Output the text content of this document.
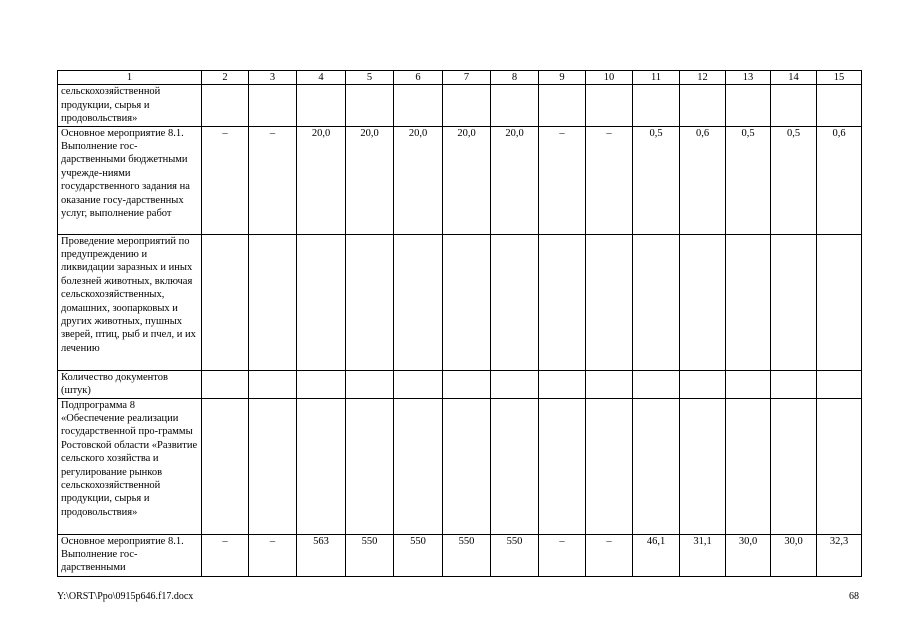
1	2	3	4	5	6	7	8	9	10	11	12	13	14	15
сельскохозяйственной продукции, сырья и продовольствия»														
Основное мероприятие 8.1. Выполнение гос-дарственными бюджетными учрежде-ниями государственного задания на оказание госу-дарственных услуг, выполнение работ	–	–	20,0	20,0	20,0	20,0	20,0	–	–	0,5	0,6	0,5	0,5	0,6
Проведение мероприятий по предупреждению и ликвидации заразных и иных болезней животных, включая сельскохозяйственных, домашних, зоопарковых и других животных, пушных зверей, птиц, рыб и пчел, и их лечению														
Количество документов (штук)														
Подпрограмма 8 «Обеспечение реализации государственной про-граммы Ростовской области «Развитие сельского хозяйства и регулирование рынков сельскохозяйственной продукции, сырья и продовольствия»														
Основное мероприятие 8.1. Выполнение гос-дарственными	–	–	563	550	550	550	550	–	–	46,1	31,1	30,0	30,0	32,3
Y:\ORST\Ppo\0915p646.f17.docx	68
